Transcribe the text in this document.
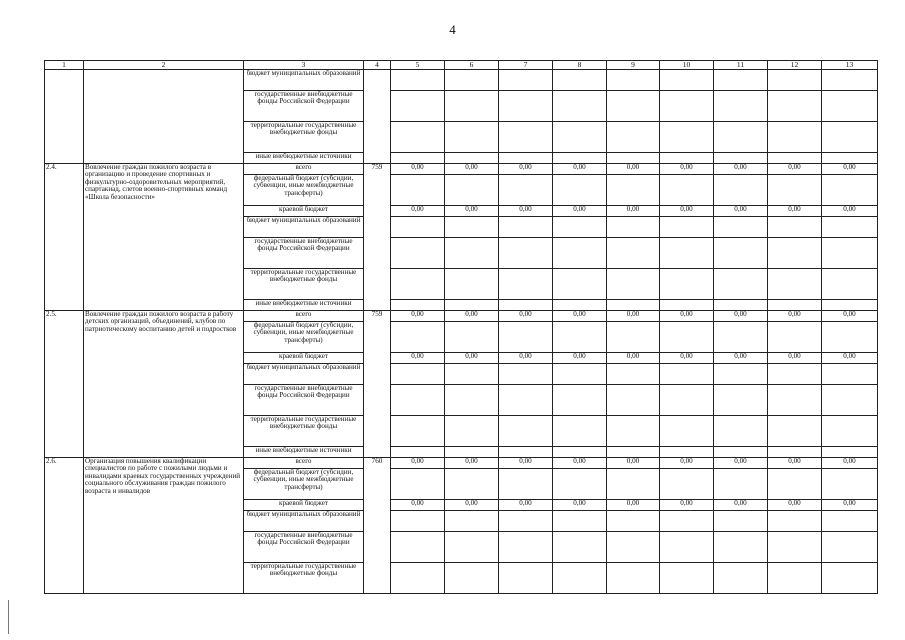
4
1	2	3	4	5	6	7	8	9	10	11	12	13
		бюджет муниципальных образований										
		государственные внебюджетные фонды Российской Федерации										
		территориальные государственные внебюджетные фонды										
		иные внебюджетные источники										
2.4.	Вовлечение граждан пожилого возраста в организацию и проведение спортивных и физкультурно-оздоровительных мероприятий, спартакиад, слетов военно-спортивных команд «Школа безопасности»	всего	759	0,00	0,00	0,00	0,00	0,00	0,00	0,00	0,00	0,00
		федеральный бюджет (субсидии, субвенции, иные межбюджетные трансферты)										
		краевой бюджет		0,00	0,00	0,00	0,00	0,00	0,00	0,00	0,00	0,00
		бюджет муниципальных образований										
		государственные внебюджетные фонды Российской Федерации										
		территориальные государственные внебюджетные фонды										
		иные внебюджетные источники										
2.5.	Вовлечение граждан пожилого возраста в работу детских организаций, объединений, клубов по патриотическому воспитанию детей и подростков	всего	759	0,00	0,00	0,00	0,00	0,00	0,00	0,00	0,00	0,00
		федеральный бюджет (субсидии, субвенции, иные межбюджетные трансферты)										
		краевой бюджет		0,00	0,00	0,00	0,00	0,00	0,00	0,00	0,00	0,00
		бюджет муниципальных образований										
		государственные внебюджетные фонды Российской Федерации										
		территориальные государственные внебюджетные фонды										
		иные внебюджетные источники										
2.6.	Организация повышения квалификации специалистов по работе с пожилыми людьми и инвалидами краевых государственных учреждений социального обслуживания граждан пожилого возраста и инвалидов	всего	760	0,00	0,00	0,00	0,00	0,00	0,00	0,00	0,00	0,00
		федеральный бюджет (субсидии, субвенции, иные межбюджетные трансферты)										
		краевой бюджет		0,00	0,00	0,00	0,00	0,00	0,00	0,00	0,00	0,00
		бюджет муниципальных образований										
		государственные внебюджетные фонды Российской Федерации										
		территориальные государственные внебюджетные фонды										
